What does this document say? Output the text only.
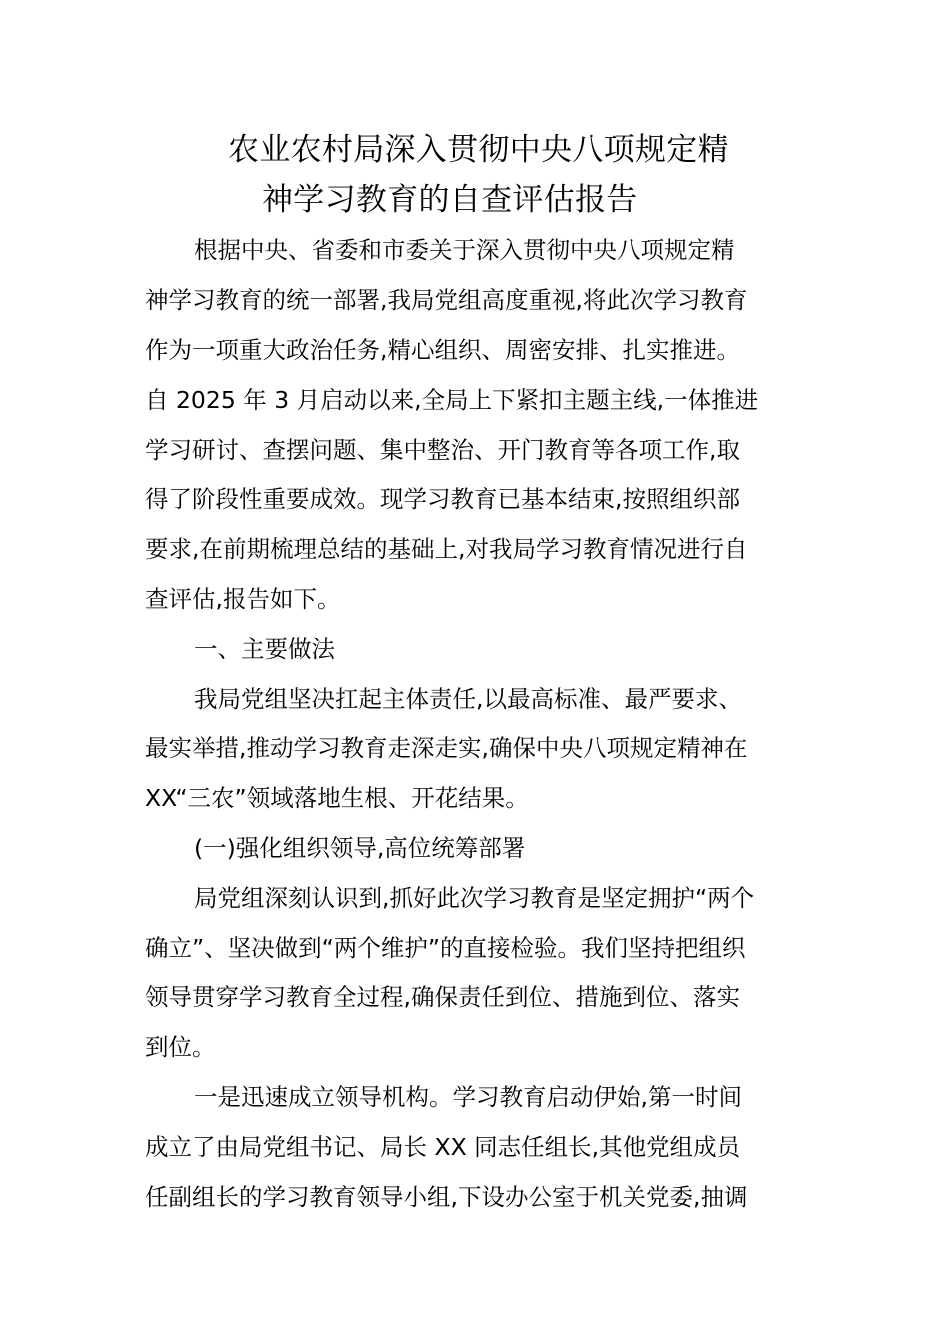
农业农村局深入贯彻中央八项规定精
神学习教育的自查评估报告
根据中央、省委和市委关于深入贯彻中央八项规定精
神学习教育的统一部署,我局党组高度重视,将此次学习教育
作为一项重大政治任务,精心组织、周密安排、扎实推进。
自 2025 年 3 月启动以来,全局上下紧扣主题主线,一体推进
学习研讨、查摆问题、集中整治、开门教育等各项工作,取
得了阶段性重要成效。现学习教育已基本结束,按照组织部
要求,在前期梳理总结的基础上,对我局学习教育情况进行自
查评估,报告如下。
一、主要做法
我局党组坚决扛起主体责任,以最高标准、最严要求、
最实举措,推动学习教育走深走实,确保中央八项规定精神在
XX“三农”领域落地生根、开花结果。
(一)强化组织领导,高位统筹部署
局党组深刻认识到,抓好此次学习教育是坚定拥护“两个
确立”、坚决做到“两个维护”的直接检验。我们坚持把组织
领导贯穿学习教育全过程,确保责任到位、措施到位、落实
到位。
一是迅速成立领导机构。学习教育启动伊始,第一时间
成立了由局党组书记、局长 XX 同志任组长,其他党组成员
任副组长的学习教育领导小组,下设办公室于机关党委,抽调
